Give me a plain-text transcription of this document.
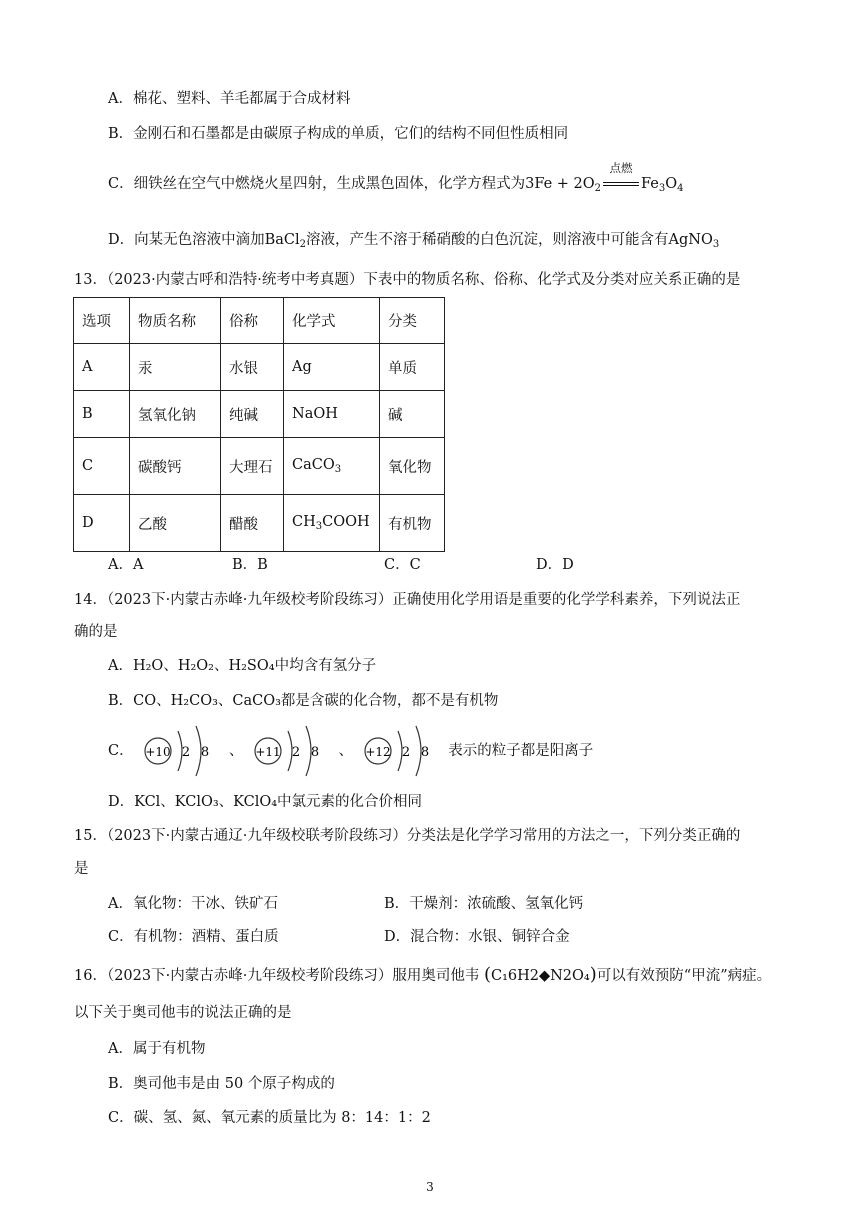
A．棉花、塑料、羊毛都属于合成材料
B．金刚石和石墨都是由碳原子构成的单质，它们的结构不同但性质相同
C．细铁丝在空气中燃烧火星四射，生成黑色固体，化学方程式为$3Fe + 2O_2$
点燃
$Fe_3O_4$
D．向某无色溶液中滴加BaCl$_2$溶液，产生不溶于稀硝酸的白色沉淀，则溶液中可能含有AgNO$_3$
13．（2023·内蒙古呼和浩特·统考中考真题）下表中的物质名称、俗称、化学式及分类对应关系正确的是
选项	物质名称	俗称	化学式	分类
A	汞	水银	Ag	单质
B	氢氧化钠	纯碱	NaOH	碱
C	碳酸钙	大理石	CaCO$_3$	氧化物
D	乙酸	醋酸	$CH_3COOH$	有机物
A．A	B．B	C．C	D．D
14．（2023下·内蒙古赤峰·九年级校考阶段练习）正确使用化学用语是重要的化学学科素养，下列说法正
确的是
A．H₂O、H₂O₂、H₂SO₄中均含有氢分子
B．CO、H₂CO₃、CaCO₃都是含碳的化合物，都不是有机物
C． +10 2 8 、 +11 2 8 、 +12 2 8 表示的粒子都是阳离子
D．KCl、KClO₃、KClO₄中氯元素的化合价相同
15．（2023下·内蒙古通辽·九年级校联考阶段练习）分类法是化学学习常用的方法之一，下列分类正确的
是
A．氧化物：干冰、铁矿石	B．干燥剂：浓硫酸、氢氧化钙
C．有机物：酒精、蛋白质	D．混合物：水银、铜锌合金
16．（2023下·内蒙古赤峰·九年级校考阶段练习）服用奥司他韦 (C₁6H2◆N2O₄)可以有效预防“甲流”病症。
以下关于奥司他韦的说法正确的是
A．属于有机物
B．奥司他韦是由 50 个原子构成的
C．碳、氢、氮、氧元素的质量比为 8：14：1：2
3
